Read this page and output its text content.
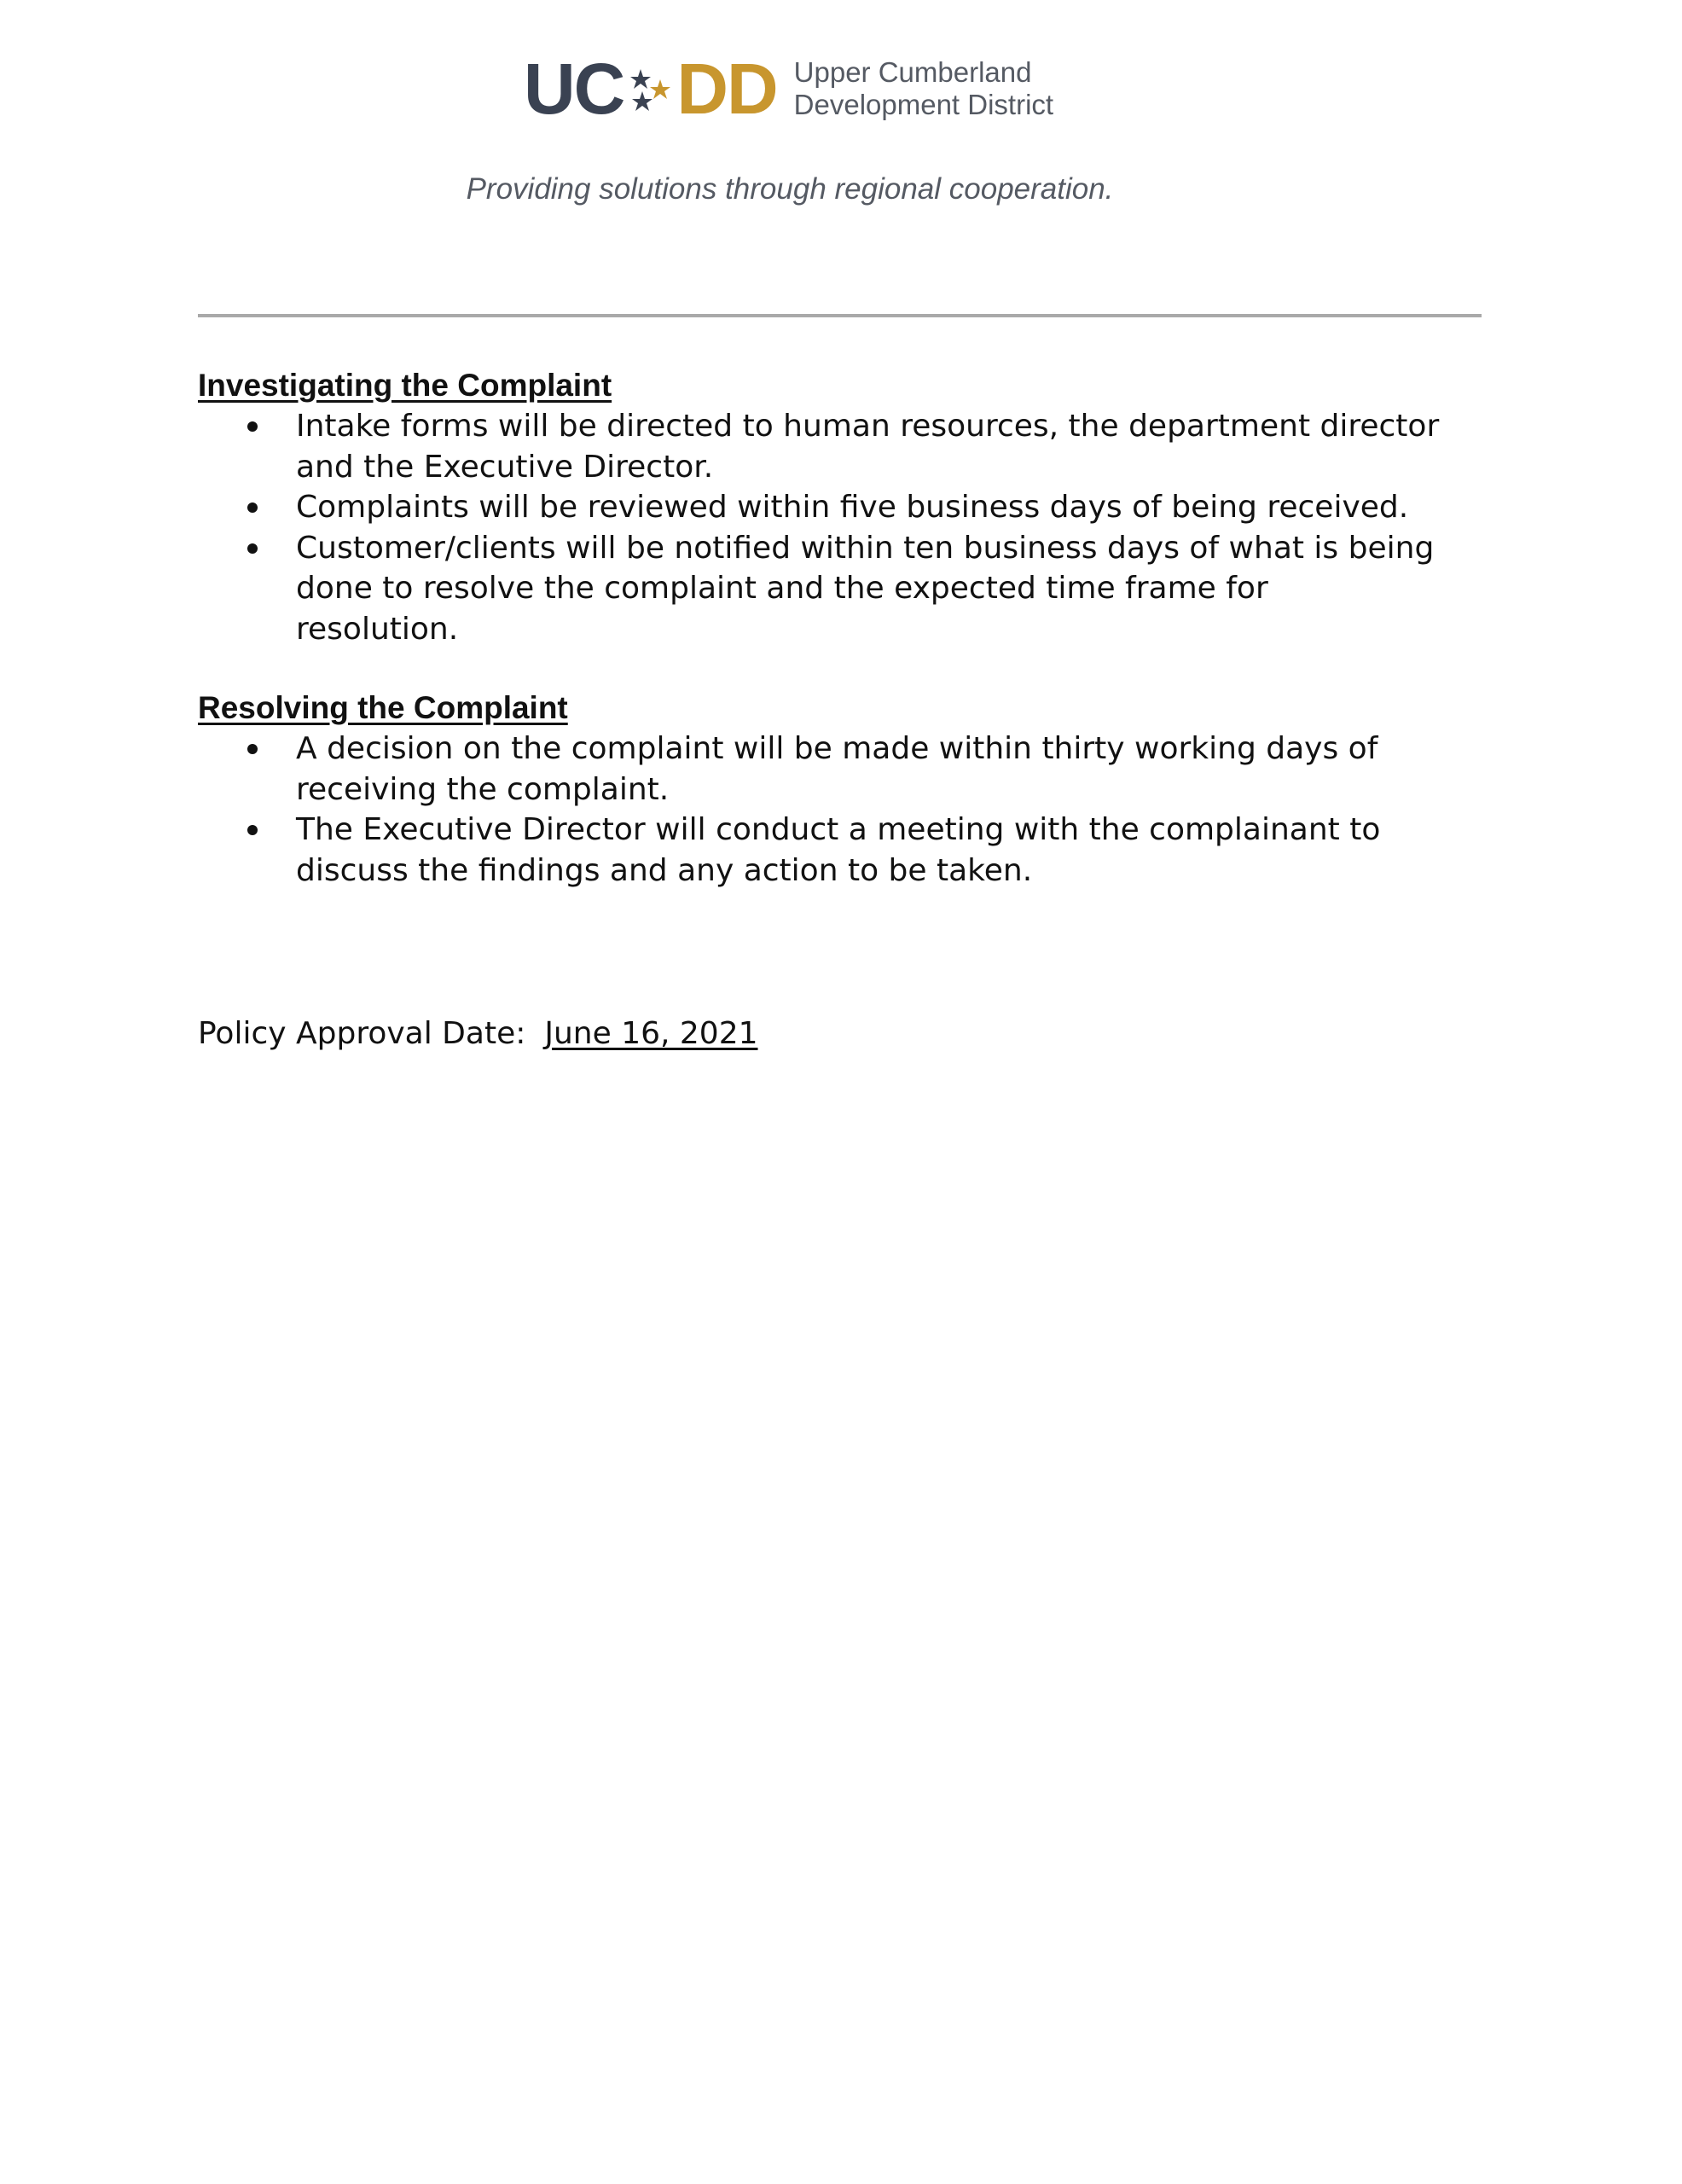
UC DD Upper Cumberland
Development District
Providing solutions through regional cooperation.
Investigating the Complaint
Intake forms will be directed to human resources, the department director
and the Executive Director.
Complaints will be reviewed within five business days of being received.
Customer/clients will be notified within ten business days of what is being
done to resolve the complaint and the expected time frame for
resolution.
Resolving the Complaint
A decision on the complaint will be made within thirty working days of
receiving the complaint.
The Executive Director will conduct a meeting with the complainant to
discuss the findings and any action to be taken.
Policy Approval Date: June 16, 2021
